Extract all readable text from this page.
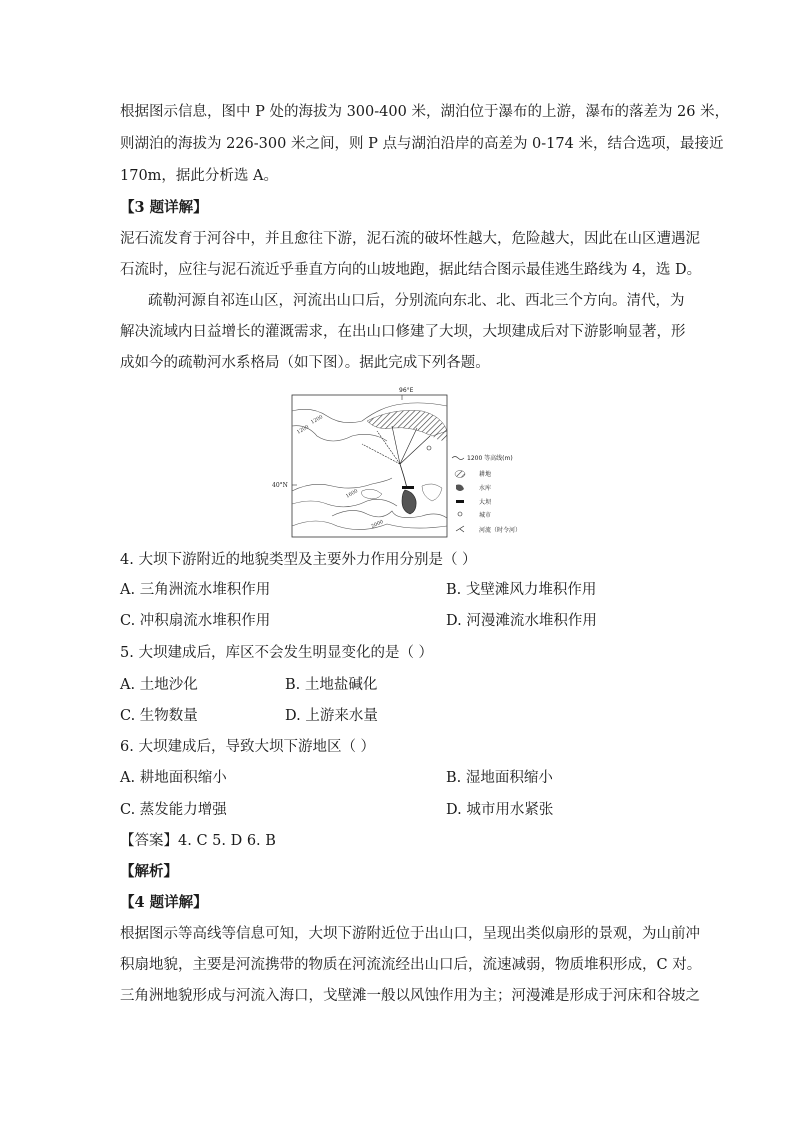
根据图示信息，图中 P 处的海拔为 300-400 米，湖泊位于瀑布的上游，瀑布的落差为 26 米，
则湖泊的海拔为 226-300 米之间，则 P 点与湖泊沿岸的高差为 0-174 米，结合选项，最接近
170m，据此分析选 A。
【3 题详解】
泥石流发育于河谷中，并且愈往下游，泥石流的破坏性越大，危险越大，因此在山区遭遇泥
石流时，应往与泥石流近乎垂直方向的山坡地跑，据此结合图示最佳逃生路线为 4，选 D。
疏勒河源自祁连山区，河流出山口后，分别流向东北、北、西北三个方向。清代，为
解决流域内日益增长的灌溉需求，在出山口修建了大坝，大坝建成后对下游影响显著，形
成如今的疏勒河水系格局（如下图）。据此完成下列各题。
96°E
1200
40°N
1600
2000
1200
1200 等高线(m)
耕地
水库
大坝
城市
河流（时令河）
4. 大坝下游附近的地貌类型及主要外力作用分别是（ ）
A. 三角洲流水堆积作用	B. 戈壁滩风力堆积作用
C. 冲积扇流水堆积作用	D. 河漫滩流水堆积作用
5. 大坝建成后，库区不会发生明显变化的是（ ）
A. 土地沙化	B. 土地盐碱化
C. 生物数量	D. 上游来水量
6. 大坝建成后，导致大坝下游地区（ ）
A. 耕地面积缩小	B. 湿地面积缩小
C. 蒸发能力增强	D. 城市用水紧张
【答案】4. C 5. D 6. B
【解析】
【4 题详解】
根据图示等高线等信息可知，大坝下游附近位于出山口，呈现出类似扇形的景观，为山前冲
积扇地貌，主要是河流携带的物质在河流流经出山口后，流速减弱，物质堆积形成，C 对。
三角洲地貌形成与河流入海口，戈壁滩一般以风蚀作用为主；河漫滩是形成于河床和谷坡之
